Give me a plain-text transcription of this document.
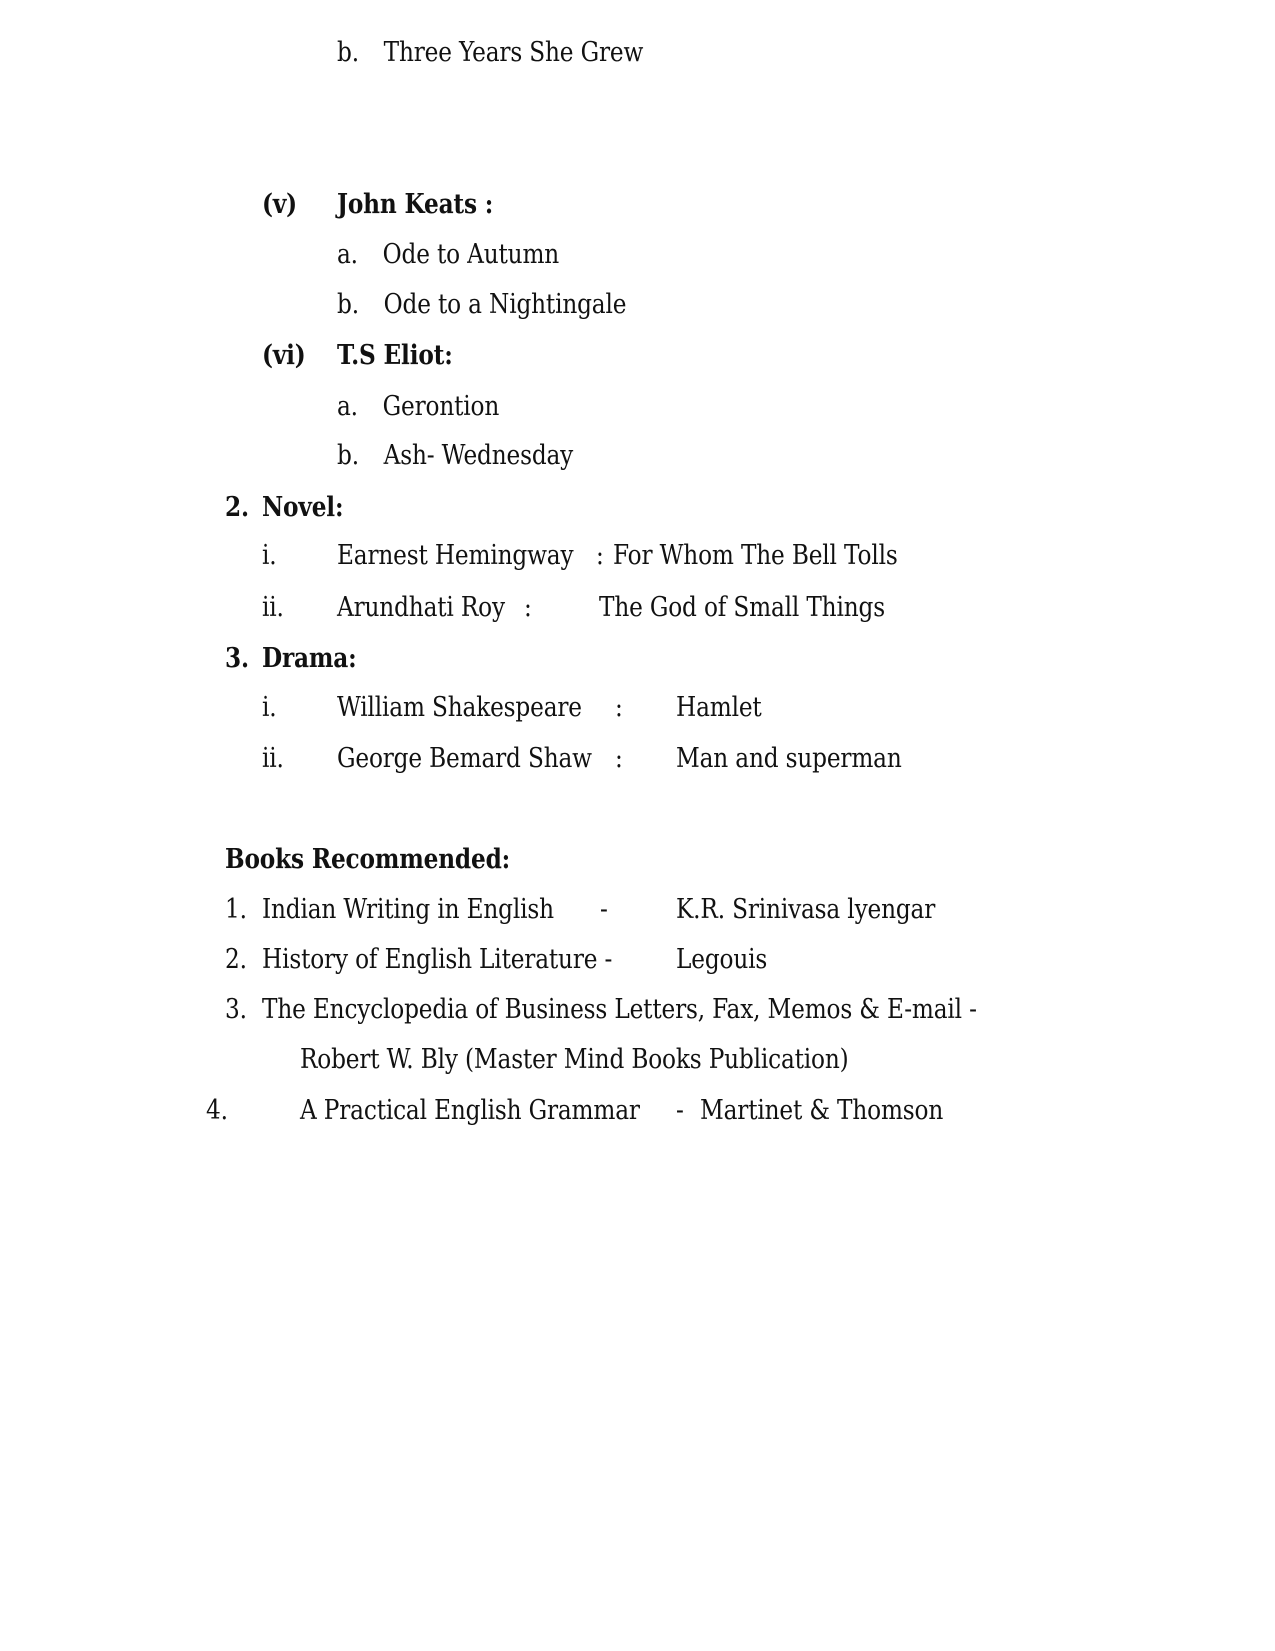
b. Three Years She Grew
(v) John Keats :
a. Ode to Autumn
b. Ode to a Nightingale
(vi) T.S Eliot:
a. Gerontion
b. Ash- Wednesday
2. Novel:
i. Earnest Hemingway : For Whom The Bell Tolls
ii. Arundhati Roy : The God of Small Things
3. Drama:
i. William Shakespeare : Hamlet
ii. George Bemard Shaw : Man and superman
Books Recommended:
1. Indian Writing in English -	K.R. Srinivasa lyengar
2. History of English Literature - Legouis
3. The Encyclopedia of Business Letters, Fax, Memos & E-mail -
Robert W. Bly (Master Mind Books Publication)
4.	A Practical English Grammar - Martinet & Thomson
